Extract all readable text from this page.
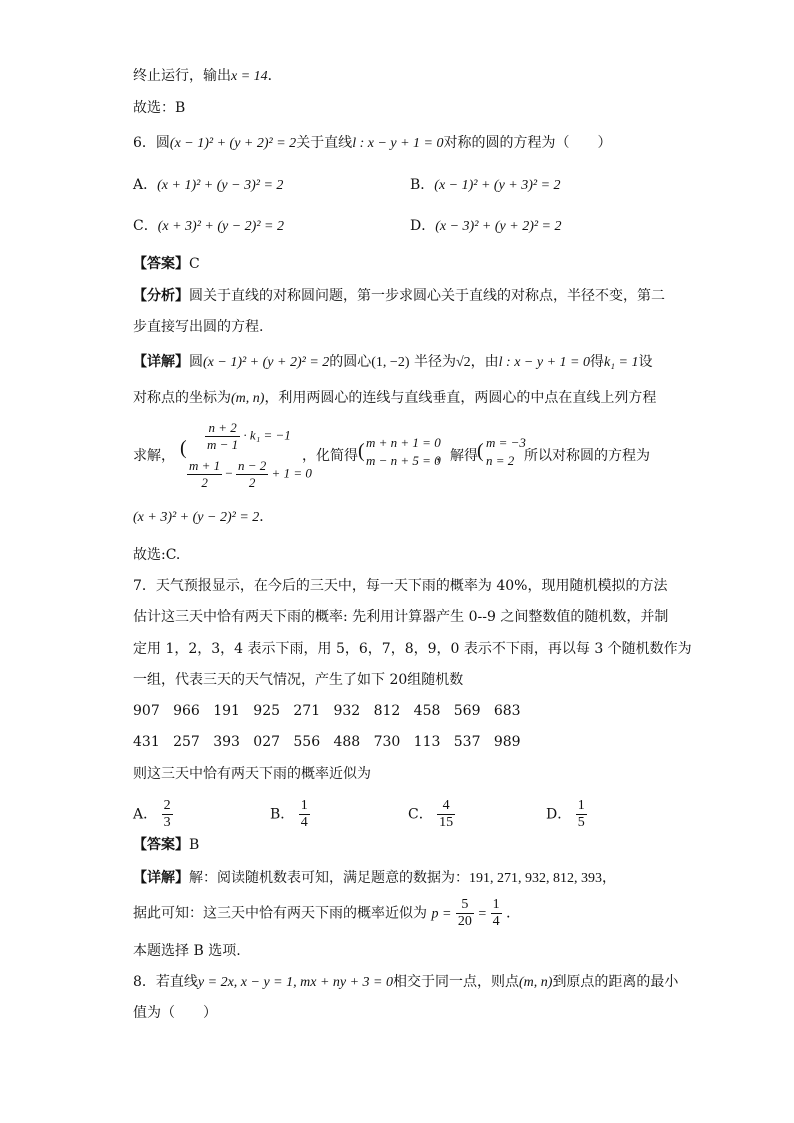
终止运行，输出x = 14．
故选：B
6．圆(x − 1)² + (y + 2)² = 2关于直线l : x − y + 1 = 0对称的圆的方程为（　　）
A．(x + 1)² + (y − 3)² = 2	B．(x − 1)² + (y + 3)² = 2
C．(x + 3)² + (y − 2)² = 2	D．(x − 3)² + (y + 2)² = 2
【答案】C
【分析】圆关于直线的对称圆问题，第一步求圆心关于直线的对称点，半径不变，第二
步直接写出圆的方程.
【详解】圆(x − 1)² + (y + 2)² = 2的圆心(1, −2) 半径为√2，由l : x − y + 1 = 0得k₁ = 1设
对称点的坐标为(m, n)，利用两圆心的连线与直线垂直，两圆心的中点在直线上列方程
求解， ( $\frac{n + 2}{m - 1} \cdot k_1 = -1$
$\frac{m + 1}{2} - \frac{n - 2}{2} + 1 = 0$
，化简得 ( m + n + 1 = 0
m − n + 5 = 0
，解得 ( m = −3
n = 2 所以对称圆的方程为
(x + 3)² + (y − 2)² = 2．
故选:C.
7．天气预报显示，在今后的三天中，每一天下雨的概率为 40%，现用随机模拟的方法
估计这三天中恰有两天下雨的概率: 先利用计算器产生 0--9 之间整数值的随机数，并制
定用 1，2，3，4 表示下雨，用 5，6，7，8，9，0 表示不下雨，再以每 3 个随机数作为
一组，代表三天的天气情况，产生了如下 20组随机数
907 966 191 925 271 932 812 458 569 683
431 257 393 027 556 488 730 113 537 989
则这三天中恰有两天下雨的概率近似为
A． $\frac{2}{3}$	B． $\frac{1}{4}$	C． $\frac{4}{15}$	D． $\frac{1}{5}$
【答案】B
【详解】解：阅读随机数表可知，满足题意的数据为：191, 271, 932, 812, 393，
据此可知：这三天中恰有两天下雨的概率近似为 $p = \frac{5}{20} = \frac{1}{4}$ ．
本题选择 B 选项.
8．若直线y = 2x, x − y = 1, mx + ny + 3 = 0相交于同一点，则点(m, n)到原点的距离的最小
值为（　　）
